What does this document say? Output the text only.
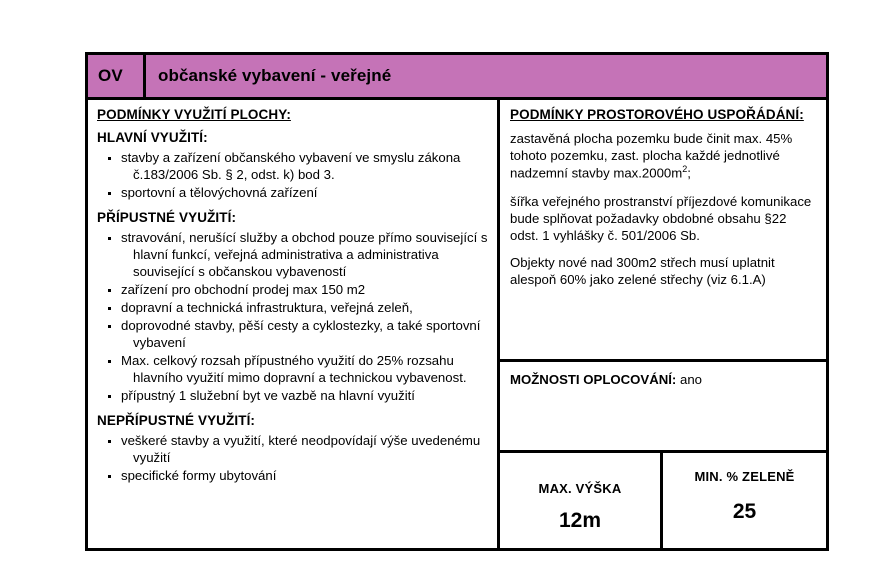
OV	občanské vybavení - veřejné
PODMÍNKY VYUŽITÍ PLOCHY:
HLAVNÍ VYUŽITÍ:
stavby a zařízení občanského vybavení ve smyslu zákona č.183/2006 Sb. § 2, odst. k) bod 3.
sportovní a tělovýchovná zařízení
PŘÍPUSTNÉ VYUŽITÍ:
stravování, nerušící služby a obchod pouze přímo související s hlavní funkcí, veřejná administrativa a administrativa související s občanskou vybaveností
zařízení pro obchodní prodej max 150 m2
dopravní a technická infrastruktura, veřejná zeleň,
doprovodné stavby, pěší cesty a cyklostezky, a také sportovní vybavení
Max. celkový rozsah přípustného využití do 25% rozsahu hlavního využití mimo dopravní a technickou vybavenost.
přípustný 1 služební byt ve vazbě na hlavní využití
NEPŘÍPUSTNÉ VYUŽITÍ:
veškeré stavby a využití, které neodpovídají výše uvedenému využití
specifické formy ubytování
PODMÍNKY PROSTOROVÉHO USPOŘÁDÁNÍ:

zastavěná plocha pozemku bude činit max. 45% tohoto pozemku, zast. plocha každé jednotlivé nadzemní stavby $\max.2000m^2$;

šířka veřejného prostranství příjezdové komunikace bude splňovat požadavky obdobné obsahu §22 odst. 1 vyhlášky č. 501/2006 Sb.

Objekty nové nad 300m2 střech musí uplatnit alespoň 60% jako zelené střechy (viz 6.1.A)

MOŽNOSTI OPLOCOVÁNÍ: ano
MAX. VÝŠKA
12m
MIN. % ZELENĚ
25
